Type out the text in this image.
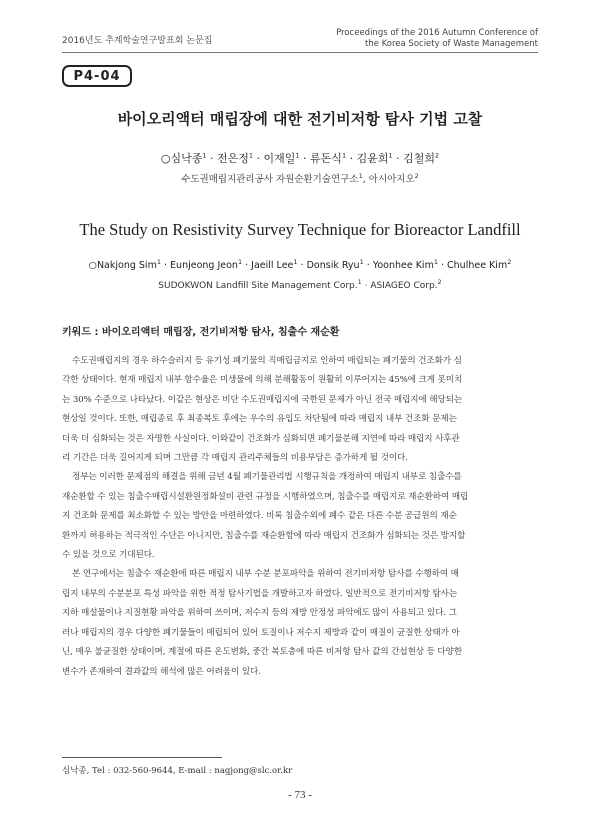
2016년도 추계학술연구발표회 논문집
Proceedings of the 2016 Autumn Conference of
the Korea Society of Waste Management
P4-04
바이오리액터 매립장에 대한 전기비저항 탐사 기법 고찰
○심낙종$^1$ · 전은정$^1$ · 이재일$^1$ · 류돈식$^1$ · 김윤희$^1$ · 김철희$^2$
수도권매립지관리공사 자원순환기술연구소$^1$, 아시아지오$^2$
The Study on Resistivity Survey Technique for Bioreactor Landfill
○Nakjong Sim$^1$ · Eunjeong Jeon$^1$ · Jaeill Lee$^1$ · Donsik Ryu$^1$ · Yoonhee Kim$^1$ · Chulhee Kim$^2$
SUDOKWON Landfill Site Management Corp.$^1$ · ASIAGEO Corp.$^2$
키워드 : 바이오리액터 매립장, 전기비저항 탐사, 침출수 재순환

수도권매립지의 경우 하수슬러지 등 유기성 폐기물의 직매립금지로 인하여 매립되는 폐기물의 건조화가 심

각한 상태이다. 현재 매립지 내부 함수율은 미생물에 의해 분해활동이 원활히 이루어지는 45%에 크게 못미치

는 30% 수준으로 나타났다. 이같은 현상은 비단 수도권매립지에 국한된 문제가 아닌 전국 매립지에 해당되는

현상일 것이다. 또한, 매립종료 후 최종복토 후에는 우수의 유입도 차단됨에 따라 매립지 내부 건조화 문제는

더욱 더 심화되는 것은 자명한 사실이다. 이와같이 건조화가 심화되면 폐기물분해 지연에 따라 매립지 사후관

리 기간은 더욱 길어지게 되며 그만큼 각 매립지 관리주체들의 비용부담은 증가하게 될 것이다.

정부는 이러한 문제점의 해결을 위해 금년 4월 폐기물관리법 시행규칙을 개정하여 매립지 내부로 침출수를

재순환할 수 있는 침출수매립시설환원정화설비 관련 규정을 시행하였으며, 침출수를 매립지로 재순환하여 매립

지 건조화 문제를 최소화할 수 있는 방안을 마련하였다. 비록 침출수외에 폐수 같은 다른 수분 공급원의 재순

환까지 허용하는 적극적인 수단은 아니지만, 침출수를 재순환함에 따라 매립지 건조화가 심화되는 것은 방지할

수 있을 것으로 기대된다.

본 연구에서는 침출수 재순환에 따른 매립지 내부 수분 분포파악을 위하여 전기비저항 탐사를 수행하여 매

립지 내부의 수분분포 특성 파악을 위한 적정 탐사기법을 개발하고자 하였다. 일반적으로 전기비저항 탐사는

지하 매설물이나 지질현황 파악을 위하여 쓰이며, 저수지 등의 제방 안정성 파악에도 많이 사용되고 있다. 그

러나 매립지의 경우 다양한 폐기물들이 매립되어 있어 토질이나 저수지 제방과 같이 매질이 균질한 상태가 아

닌, 매우 불균질한 상태이며, 계절에 따른 온도변화, 중간 복토층에 따른 비저항 탐사 값의 간섭현상 등 다양한

변수가 존재하여 결과값의 해석에 많은 어려움이 있다.

심낙종, Tel : 032-560-9644, E-mail : nagjong@slc.or.kr
- 73 -
